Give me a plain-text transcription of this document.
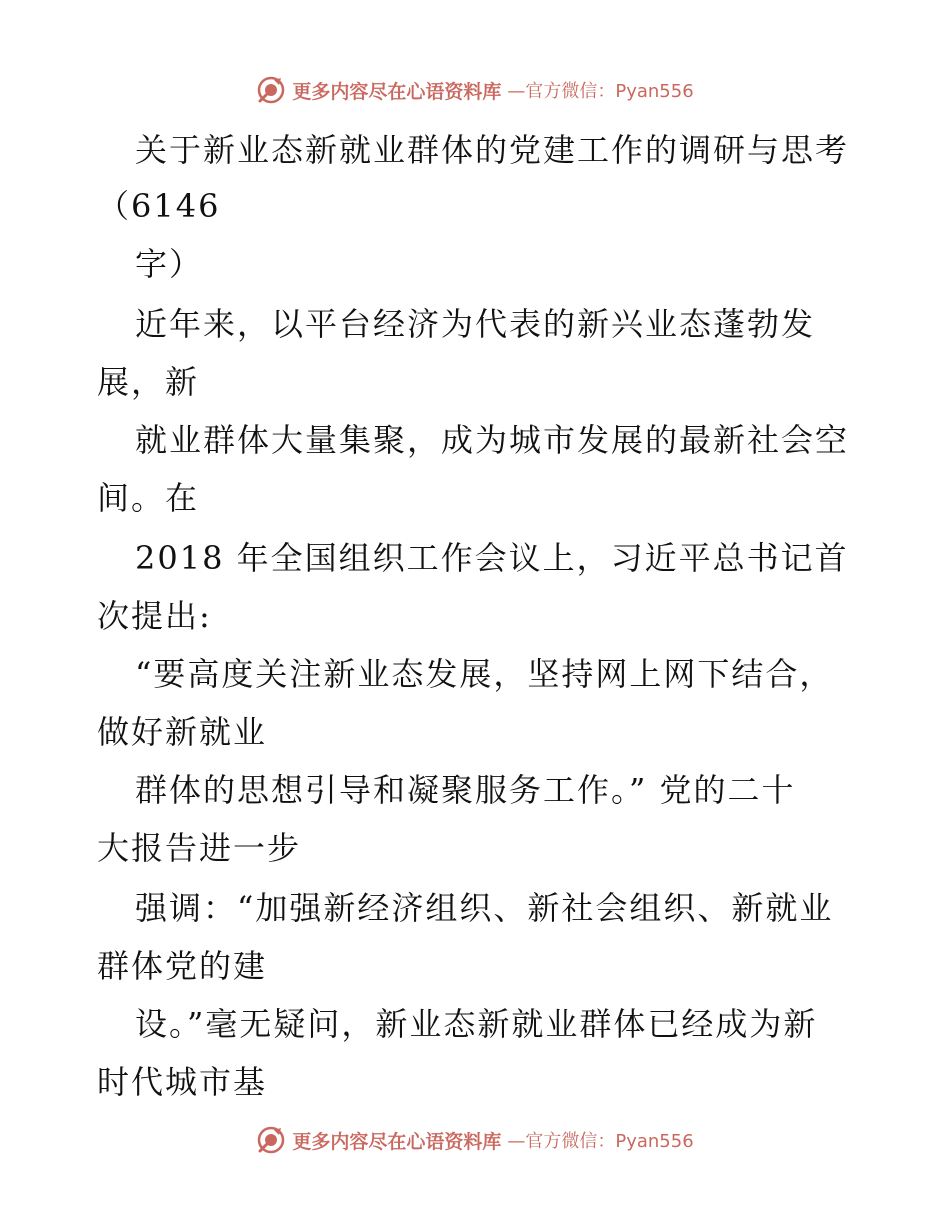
更多内容尽在心语资料库 —官方微信：Pyan556
关于新业态新就业群体的党建工作的调研与思考
（6146
字）
近年来，以平台经济为代表的新兴业态蓬勃发
展，新
就业群体大量集聚，成为城市发展的最新社会空
间。在
2018 年全国组织工作会议上，习近平总书记首
次提出:
“要高度关注新业态发展，坚持网上网下结合，
做好新就业
群体的思想引导和凝聚服务工作。” 党的二十
大报告进一步
强调：“加强新经济组织、新社会组织、新就业
群体党的建
设。”毫无疑问，新业态新就业群体已经成为新
时代城市基
更多内容尽在心语资料库 —官方微信：Pyan556
